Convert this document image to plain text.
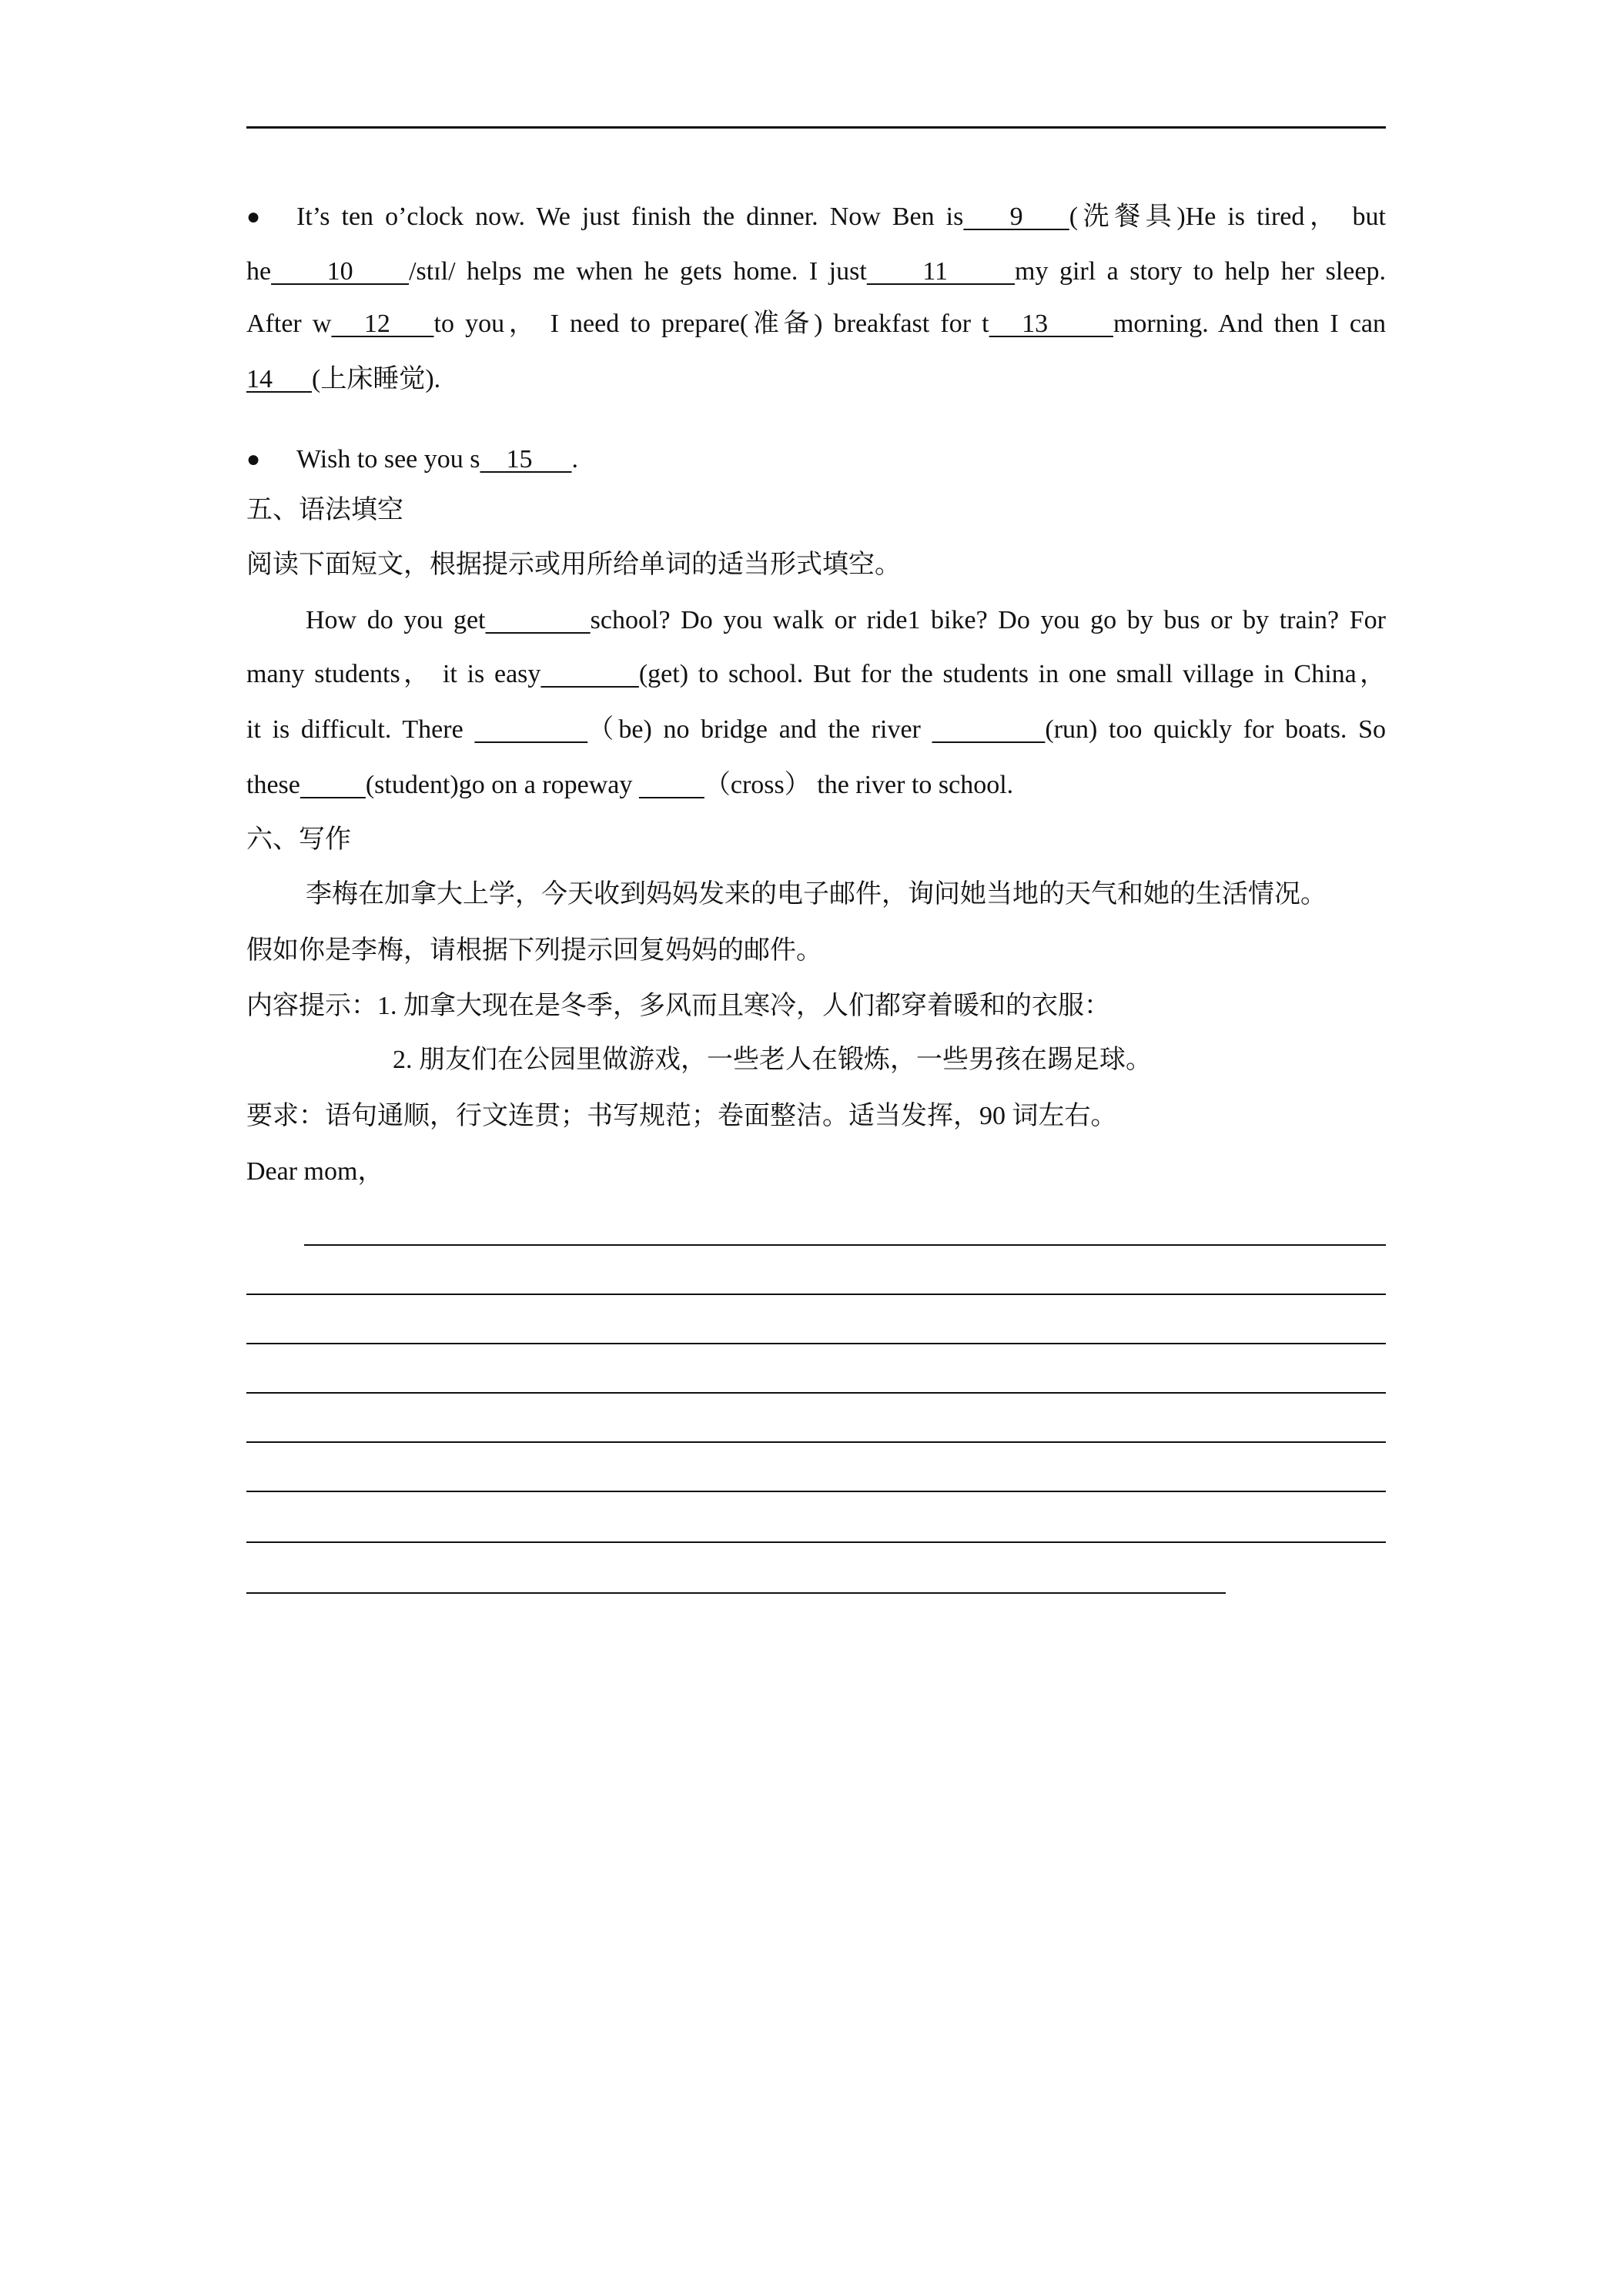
● It’s ten o’clock now. We just finish the dinner. Now Ben is    9    (洗餐具)He is tired， but
he     10     /stɪl/ helps me when he gets home. I just     11      my girl a story to help her sleep.
After w   12    to you， I need to prepare(准备) breakfast for t   13      morning. And then I can
14      (上床睡觉).
● Wish to see you s    15      .
五、语法填空
阅读下面短文，根据提示或用所给单词的适当形式填空。
How do you get	school? Do you walk or ride1 bike? Do you go by bus or by train? For
many students， it is easy	(get) to school. But for the students in one small village in China，
it is difficult. There	（be) no bridge and the river	(run) too quickly for boats. So
these	(student)go on a ropeway	（cross） the river to school.
六、写作
李梅在加拿大上学，今天收到妈妈发来的电子邮件，询问她当地的天气和她的生活情况。
假如你是李梅，请根据下列提示回复妈妈的邮件。
内容提示：1. 加拿大现在是冬季，多风而且寒冷，人们都穿着暖和的衣服：
2. 朋友们在公园里做游戏，一些老人在锻炼，一些男孩在踢足球。
要求：语句通顺，行文连贯；书写规范；卷面整洁。适当发挥，90 词左右。
Dear mom，
